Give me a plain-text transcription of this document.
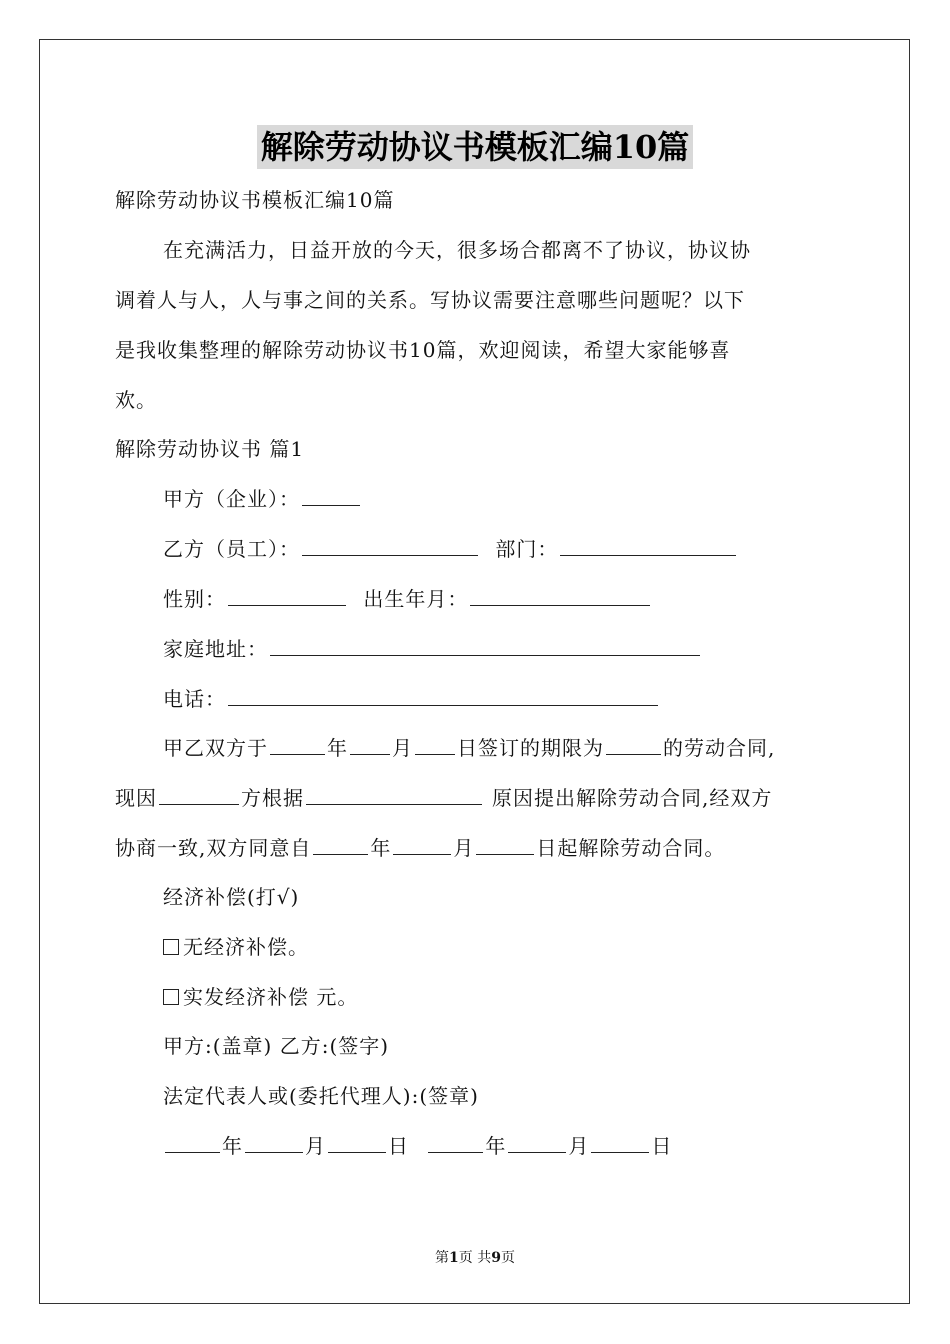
解除劳动协议书模板汇编10篇
解除劳动协议书模板汇编10篇
在充满活力，日益开放的今天，很多场合都离不了协议，协议协
调着人与人，人与事之间的关系。写协议需要注意哪些问题呢？以下
是我收集整理的解除劳动协议书10篇，欢迎阅读，希望大家能够喜
欢。
解除劳动协议书 篇1
甲方（企业）：
乙方（员工）：	部门：
性别：	出生年月：
家庭地址：
电话：
甲乙双方于	年 月 日签订的期限为	的劳动合同,
现因	方根据	原因提出解除劳动合同,经双方
协商一致,双方同意自	年	月	日起解除劳动合同。
经济补偿(打√)
无经济补偿。
实发经济补偿 元。
甲方:(盖章) 乙方:(签字)
法定代表人或(委托代理人):(签章)
年	月	日	年	月	日
第1页 共9页
